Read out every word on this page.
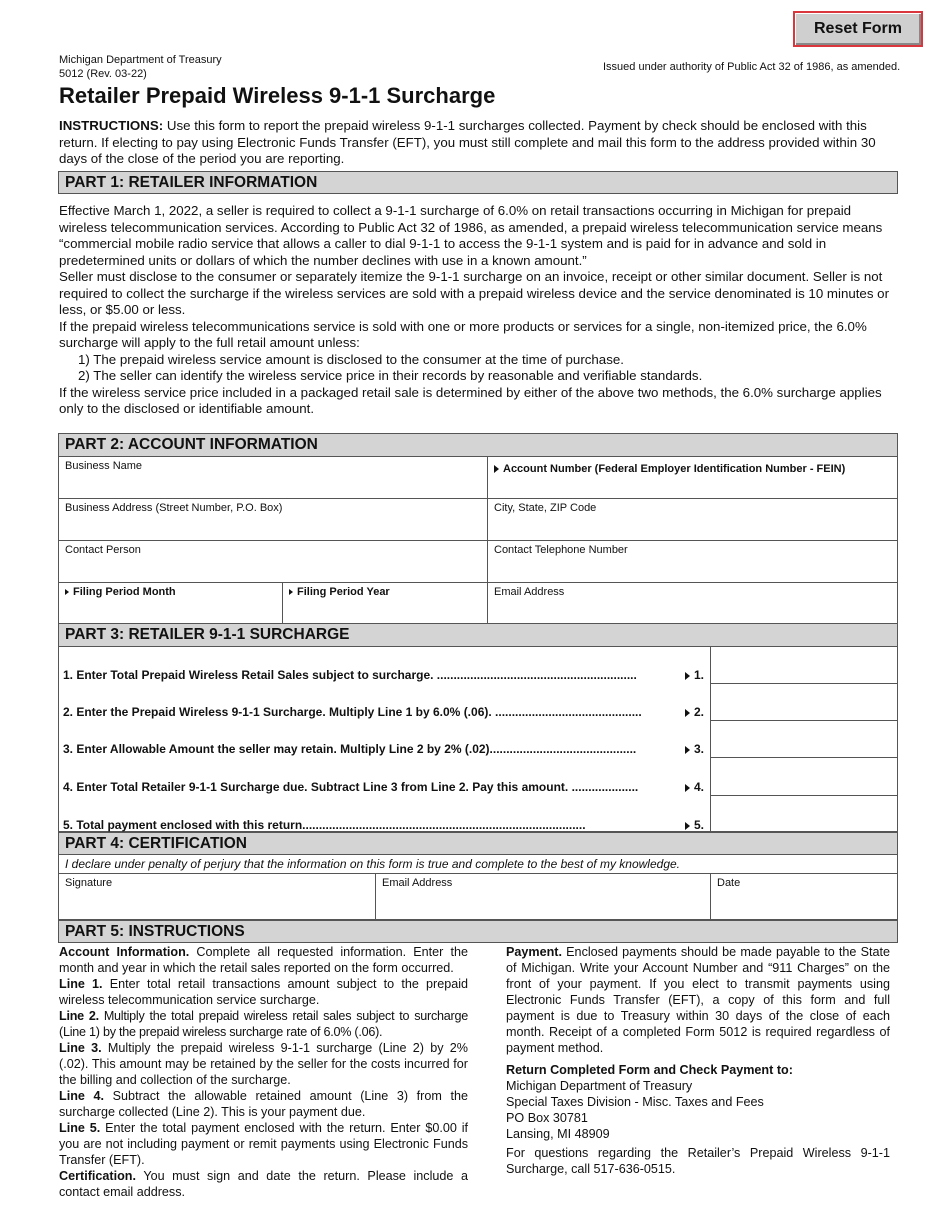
Reset Form
Michigan Department of Treasury
5012 (Rev. 03-22)
Issued under authority of Public Act 32 of 1986, as amended.
Retailer Prepaid Wireless 9-1-1 Surcharge
INSTRUCTIONS: Use this form to report the prepaid wireless 9-1-1 surcharges collected. Payment by check should be enclosed with this return. If electing to pay using Electronic Funds Transfer (EFT), you must still complete and mail this form to the address provided within 30 days of the close of the period you are reporting.
PART 1: RETAILER INFORMATION
Effective March 1, 2022, a seller is required to collect a 9-1-1 surcharge of 6.0% on retail transactions occurring in Michigan for prepaid wireless telecommunication services. According to Public Act 32 of 1986, as amended, a prepaid wireless telecommunication service means “commercial mobile radio service that allows a caller to dial 9-1-1 to access the 9-1-1 system and is paid for in advance and sold in predetermined units or dollars of which the number declines with use in a known amount.”
Seller must disclose to the consumer or separately itemize the 9-1-1 surcharge on an invoice, receipt or other similar document. Seller is not required to collect the surcharge if the wireless services are sold with a prepaid wireless device and the service denominated is 10 minutes or less, or $5.00 or less.
If the prepaid wireless telecommunications service is sold with one or more products or services for a single, non-itemized price, the 6.0% surcharge will apply to the full retail amount unless:
1) The prepaid wireless service amount is disclosed to the consumer at the time of purchase.
2) The seller can identify the wireless service price in their records by reasonable and verifiable standards.
If the wireless service price included in a packaged retail sale is determined by either of the above two methods, the 6.0% surcharge applies only to the disclosed or identifiable amount.
PART 2: ACCOUNT INFORMATION
Business Name	Account Number (Federal Employer Identification Number - FEIN)
Business Address (Street Number, P.O. Box)	City, State, ZIP Code
Contact Person	Contact Telephone Number
Filing Period Month	Filing Period Year	Email Address
PART 3: RETAILER 9-1-1 SURCHARGE
1. Enter Total Prepaid Wireless Retail Sales subject to surcharge. ............................................................	1.
2. Enter the Prepaid Wireless 9-1-1 Surcharge. Multiply Line 1 by 6.0% (.06). ............................................	2.
3. Enter Allowable Amount the seller may retain. Multiply Line 2 by 2% (.02)............................................	3.
4. Enter Total Retailer 9-1-1 Surcharge due. Subtract Line 3 from Line 2. Pay this amount. ....................	4.
5. Total payment enclosed with this return.....................................................................................	5.
PART 4: CERTIFICATION
I declare under penalty of perjury that the information on this form is true and complete to the best of my knowledge.
Signature	Email Address	Date
PART 5: INSTRUCTIONS
Account Information. Complete all requested information. Enter the month and year in which the retail sales reported on the form occurred.
Line 1. Enter total retail transactions amount subject to the prepaid wireless telecommunication service surcharge.
Line 2. Multiply the total prepaid wireless retail sales subject to surcharge (Line 1) by the prepaid wireless surcharge rate of 6.0% (.06).
Line 3. Multiply the prepaid wireless 9-1-1 surcharge (Line 2) by 2% (.02). This amount may be retained by the seller for the costs incurred for the billing and collection of the surcharge.
Line 4. Subtract the allowable retained amount (Line 3) from the surcharge collected (Line 2). This is your payment due.
Line 5. Enter the total payment enclosed with the return. Enter $0.00 if you are not including payment or remit payments using Electronic Funds Transfer (EFT).
Certification. You must sign and date the return. Please include a contact email address.
Payment. Enclosed payments should be made payable to the State of Michigan. Write your Account Number and “911 Charges” on the front of your payment. If you elect to transmit payments using Electronic Funds Transfer (EFT), a copy of this form and full payment is due to Treasury within 30 days of the close of each month. Receipt of a completed Form 5012 is required regardless of payment method.
Return Completed Form and Check Payment to:
Michigan Department of Treasury
Special Taxes Division - Misc. Taxes and Fees
PO Box 30781
Lansing, MI 48909
For questions regarding the Retailer’s Prepaid Wireless 9-1-1 Surcharge, call 517-636-0515.
